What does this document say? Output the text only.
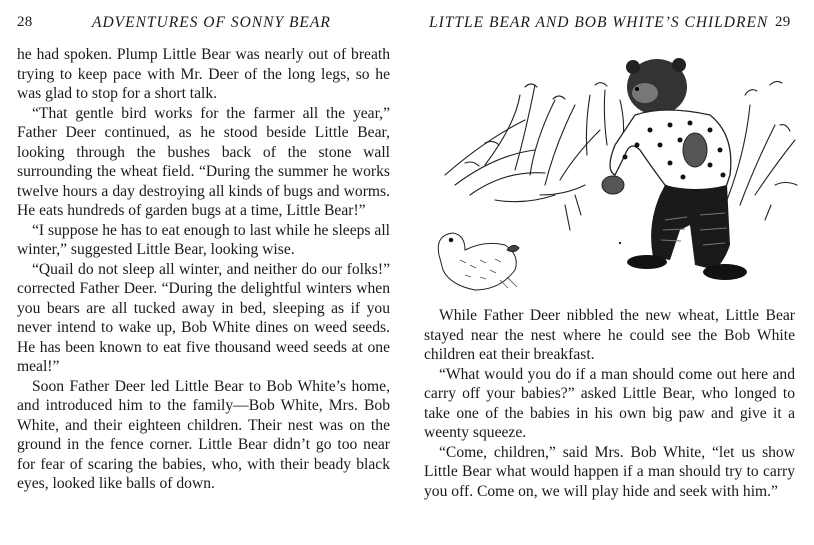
28	ADVENTURES OF SONNY BEAR

he had spoken. Plump Little Bear was nearly out of breath trying to keep pace with Mr. Deer of the long legs, so he was glad to stop for a short talk.

“That gentle bird works for the farmer all the year,” Father Deer continued, as he stood beside Little Bear, looking through the bushes back of the stone wall surrounding the wheat field. “During the summer he works twelve hours a day destroying all kinds of bugs and worms. He eats hundreds of garden bugs at a time, Little Bear!”

“I suppose he has to eat enough to last while he sleeps all winter,” suggested Little Bear, looking wise.

“Quail do not sleep all winter, and neither do our folks!” corrected Father Deer. “During the delightful winters when you bears are all tucked away in bed, sleeping as if you never intend to wake up, Bob White dines on weed seeds. He has been known to eat five thousand weed seeds at one meal!”

Soon Father Deer led Little Bear to Bob White’s home, and introduced him to the family—Bob White, Mrs. Bob White, and their eighteen children. Their nest was on the ground in the fence corner. Little Bear didn’t go too near for fear of scaring the babies, who, with their beady black eyes, looked like balls of down.

LITTLE BEAR AND BOB WHITE’S CHILDREN 29

While Father Deer nibbled the new wheat, Little Bear stayed near the nest where he could see the Bob White children eat their breakfast.

“What would you do if a man should come out here and carry off your babies?” asked Little Bear, who longed to take one of the babies in his own big paw and give it a weenty squeeze.

“Come, children,” said Mrs. Bob White, “let us show Little Bear what would happen if a man should try to carry you off. Come on, we will play hide and seek with him.”
